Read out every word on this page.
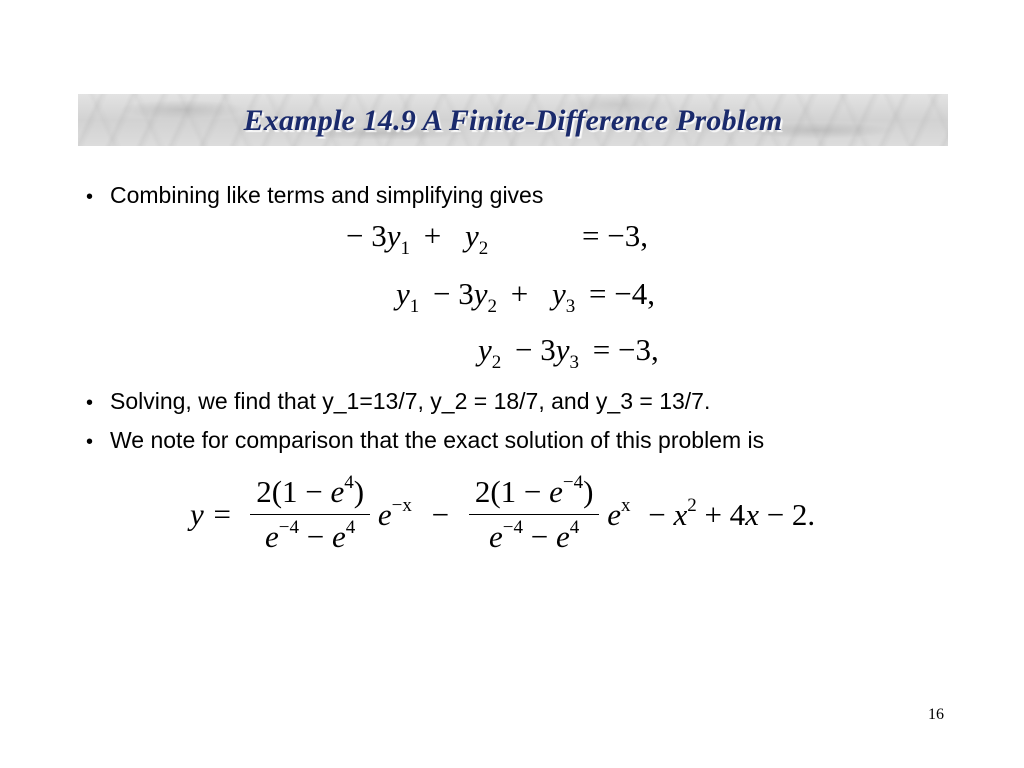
Example 14.9 A Finite-Difference Problem
• Combining like terms and simplifying gives
− $3y_1 + y_2$	= −3,
$y_1 - 3y_2 + y_3 = -4$,
$y_2 - 3y_3 = -3$,
• Solving, we find that y_1=13/7, y_2 = 18/7, and y_3 = 13/7.
• We note for comparison that the exact solution of this problem is
$y = \frac{2(1 - e^4)}{e^{-4} - e^4} e^{-x} - \frac{2(1 - e^{-4})}{e^{-4} - e^4} e^x - x^2 + 4x - 2$.
16
